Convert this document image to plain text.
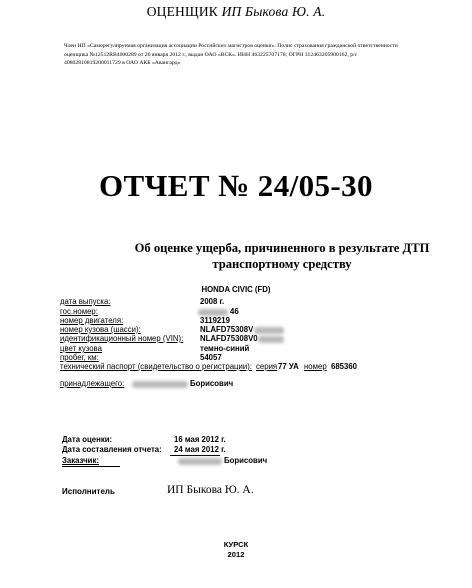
ОЦЕНЩИК ИП Быкова Ю. А.
Член НП «Саморегулируемая организация ассоциации Российских магистров оценки». Полис страхования гражданской ответственности
оценщика №12512RB4000289 от 26 января 2012 г., выдан ОАО «ВСК». ИНН 463225707178; ОГРН 312463205900162, р/с
40802810819200011729 в ОАО АКБ «Авангард»
ОТЧЕТ № 24/05-30
Об оценке ущерба, причиненного в результате ДТП транспортному средству
HONDA CIVIC (FD)
дата выпуска:	2008 г.
гос.номер:	46
номер двигателя:	3119219
номер кузова (шасси):	NLAFD75308V
идентификационный номер (VIN): NLAFD75308V0
цвет кузова	темно-синий
пробег, км:	54057
технический паспорт (свидетельство о регистрации): серия 77 УА номер 685360
принадлежащего:	Борисович
Дата оценки:	16 мая 2012 г.
Дата составления отчета: 24 мая 2012 г.
Заказчик:	Борисович
Исполнитель	ИП Быкова Ю. А.
КУРСК
2012
